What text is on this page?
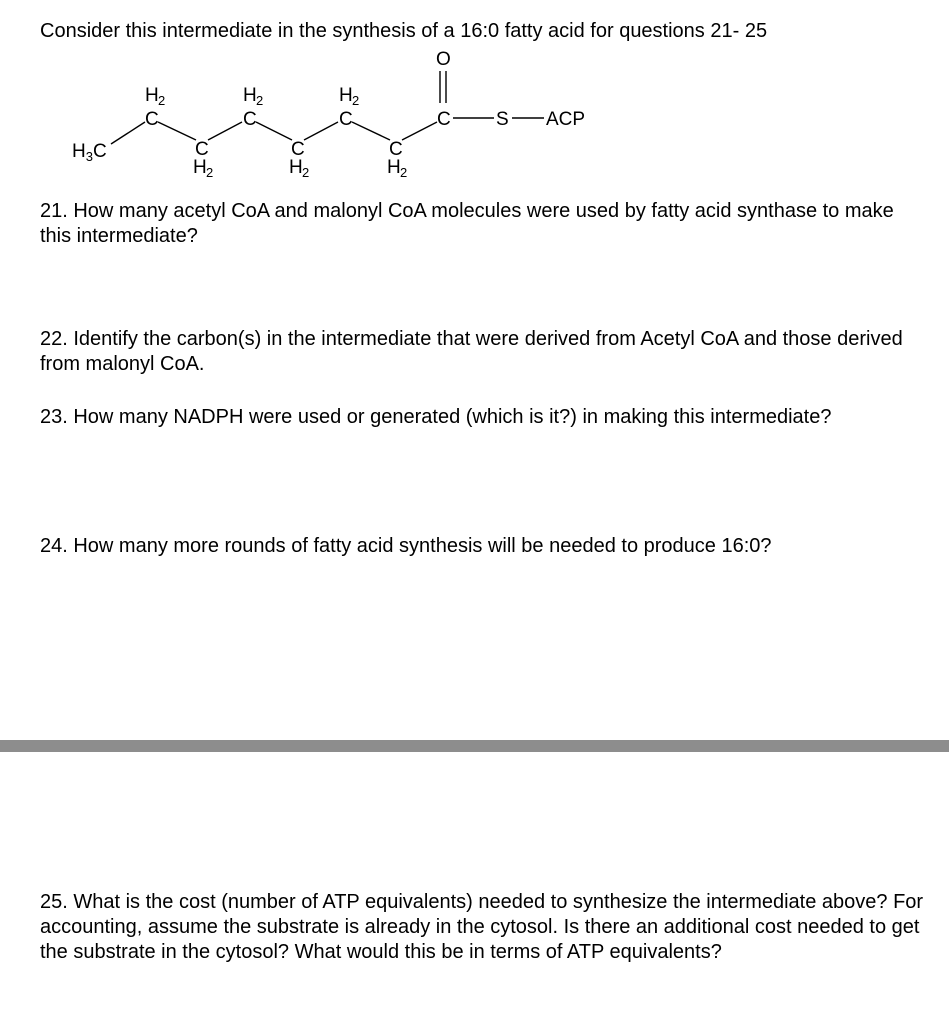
Consider this intermediate in the synthesis of a 16:0 fatty acid for questions 21- 25

$H_3C$
H 2
C
H 2
C
H 2
C
C
H 2
C
H 2
C
H 2
O
C S ACP

21. How many acetyl CoA and malonyl CoA molecules were used by fatty acid synthase to make this intermediate?

22. Identify the carbon(s) in the intermediate that were derived from Acetyl CoA and those derived from malonyl CoA.

23. How many NADPH were used or generated (which is it?) in making this intermediate?

24. How many more rounds of fatty acid synthesis will be needed to produce 16:0?

25. What is the cost (number of ATP equivalents) needed to synthesize the intermediate above? For accounting, assume the substrate is already in the cytosol. Is there an additional cost needed to get the substrate in the cytosol? What would this be in terms of ATP equivalents?
